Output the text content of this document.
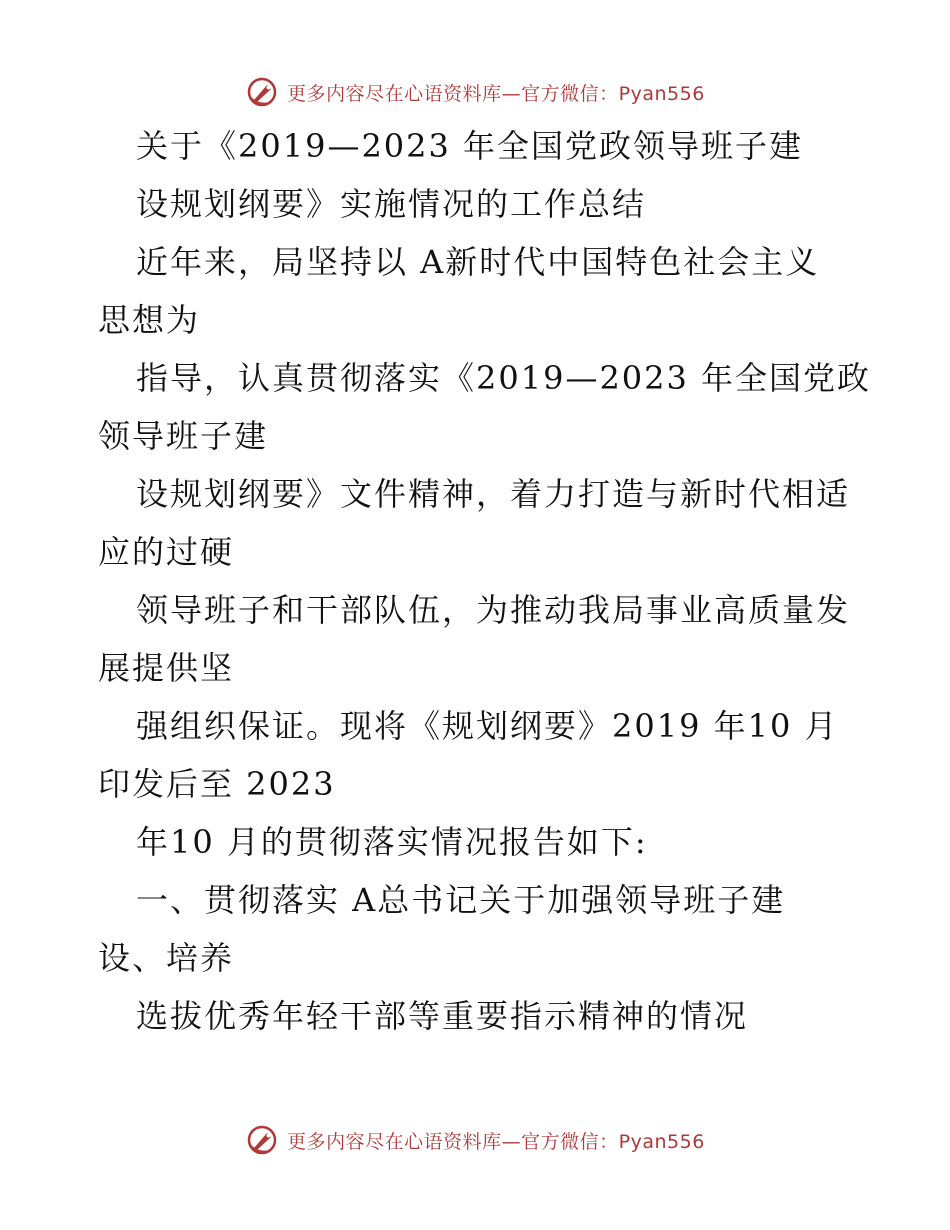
更多内容尽在心语资料库—官方微信：Pyan556
关于《2019—2023 年全国党政领导班子建
设规划纲要》实施情况的工作总结
近年来，局坚持以 A新时代中国特色社会主义
思想为
指导，认真贯彻落实《2019—2023 年全国党政
领导班子建
设规划纲要》文件精神，着力打造与新时代相适
应的过硬
领导班子和干部队伍，为推动我局事业高质量发
展提供坚
强组织保证。现将《规划纲要》2019 年10 月
印发后至 2023
年10 月的贯彻落实情况报告如下:
一、贯彻落实 A总书记关于加强领导班子建
设、培养
选拔优秀年轻干部等重要指示精神的情况
更多内容尽在心语资料库—官方微信：Pyan556
